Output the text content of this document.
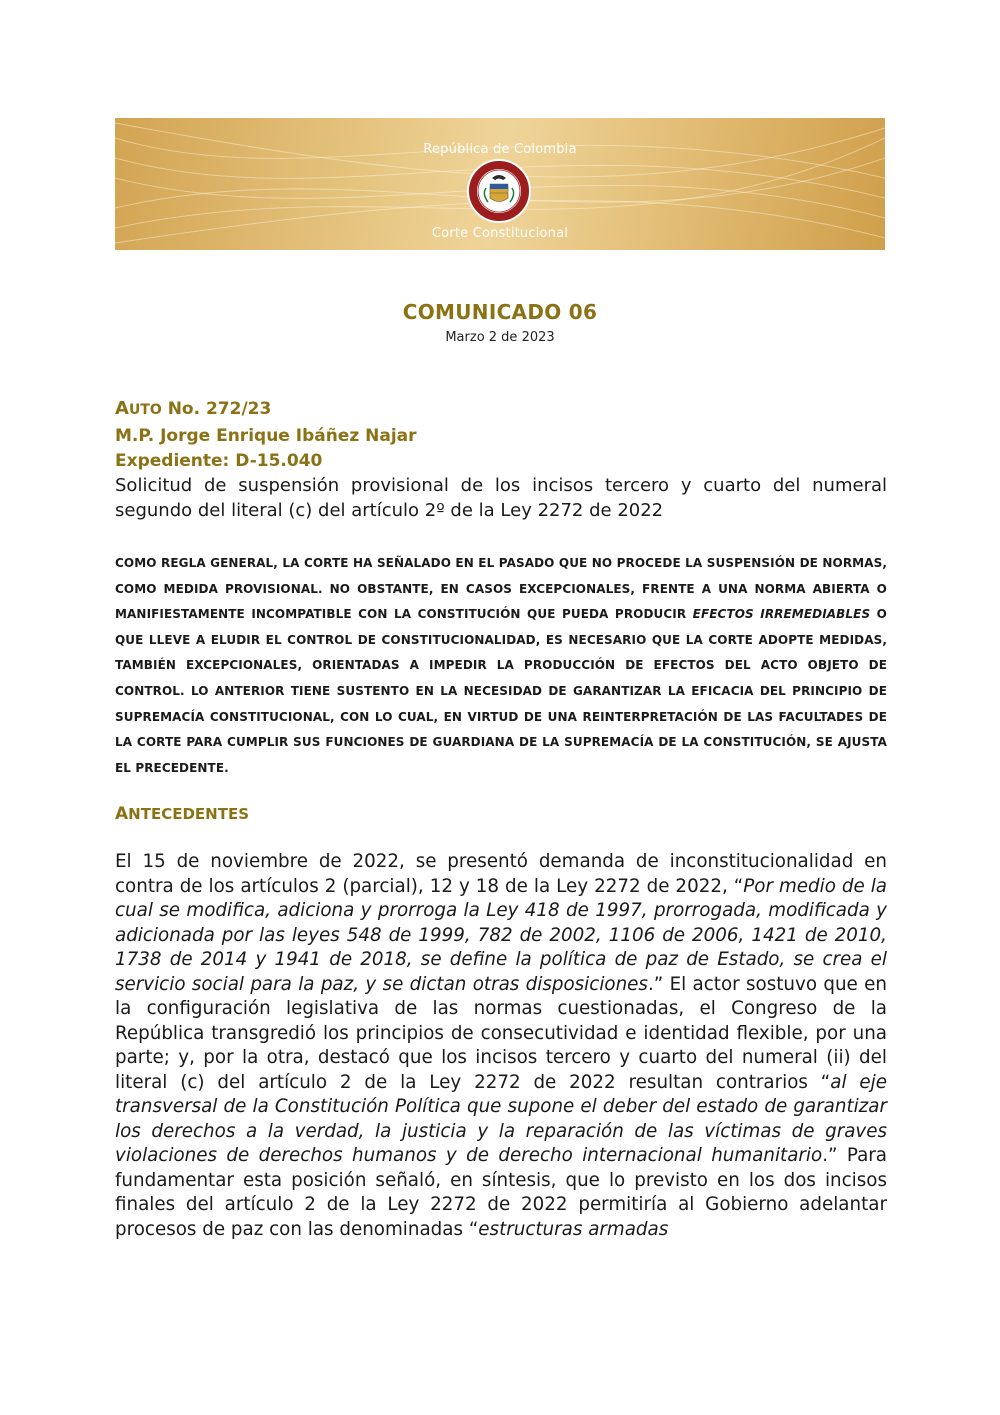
República de Colombia
Corte Constitucional
COMUNICADO 06
Marzo 2 de 2023
AUTO No. 272/23
M.P. Jorge Enrique Ibáñez Najar
Expediente: D-15.040
Solicitud de suspensión provisional de los incisos tercero y cuarto del numeral segundo del literal (c) del artículo 2º de la Ley 2272 de 2022
COMO REGLA GENERAL, LA CORTE HA SEÑALADO EN EL PASADO QUE NO PROCEDE LA SUSPENSIÓN DE NORMAS, COMO MEDIDA PROVISIONAL. NO OBSTANTE, EN CASOS EXCEPCIONALES, FRENTE A UNA NORMA ABIERTA O MANIFIESTAMENTE INCOMPATIBLE CON LA CONSTITUCIÓN QUE PUEDA PRODUCIR EFECTOS IRREMEDIABLES O QUE LLEVE A ELUDIR EL CONTROL DE CONSTITUCIONALIDAD, ES NECESARIO QUE LA CORTE ADOPTE MEDIDAS, TAMBIÉN EXCEPCIONALES, ORIENTADAS A IMPEDIR LA PRODUCCIÓN DE EFECTOS DEL ACTO OBJETO DE CONTROL. LO ANTERIOR TIENE SUSTENTO EN LA NECESIDAD DE GARANTIZAR LA EFICACIA DEL PRINCIPIO DE SUPREMACÍA CONSTITUCIONAL, CON LO CUAL, EN VIRTUD DE UNA REINTERPRETACIÓN DE LAS FACULTADES DE LA CORTE PARA CUMPLIR SUS FUNCIONES DE GUARDIANA DE LA SUPREMACÍA DE LA CONSTITUCIÓN, SE AJUSTA EL PRECEDENTE.
ANTECEDENTES
El 15 de noviembre de 2022, se presentó demanda de inconstitucionalidad en contra de los artículos 2 (parcial), 12 y 18 de la Ley 2272 de 2022, “Por medio de la cual se modifica, adiciona y prorroga la Ley 418 de 1997, prorrogada, modificada y adicionada por las leyes 548 de 1999, 782 de 2002, 1106 de 2006, 1421 de 2010, 1738 de 2014 y 1941 de 2018, se define la política de paz de Estado, se crea el servicio social para la paz, y se dictan otras disposiciones.” El actor sostuvo que en la configuración legislativa de las normas cuestionadas, el Congreso de la República transgredió los principios de consecutividad e identidad flexible, por una parte; y, por la otra, destacó que los incisos tercero y cuarto del numeral (ii) del literal (c) del artículo 2 de la Ley 2272 de 2022 resultan contrarios “al eje transversal de la Constitución Política que supone el deber del estado de garantizar los derechos a la verdad, la justicia y la reparación de las víctimas de graves violaciones de derechos humanos y de derecho internacional humanitario.” Para fundamentar esta posición señaló, en síntesis, que lo previsto en los dos incisos finales del artículo 2 de la Ley 2272 de 2022 permitiría al Gobierno adelantar procesos de paz con las denominadas “estructuras armadas
